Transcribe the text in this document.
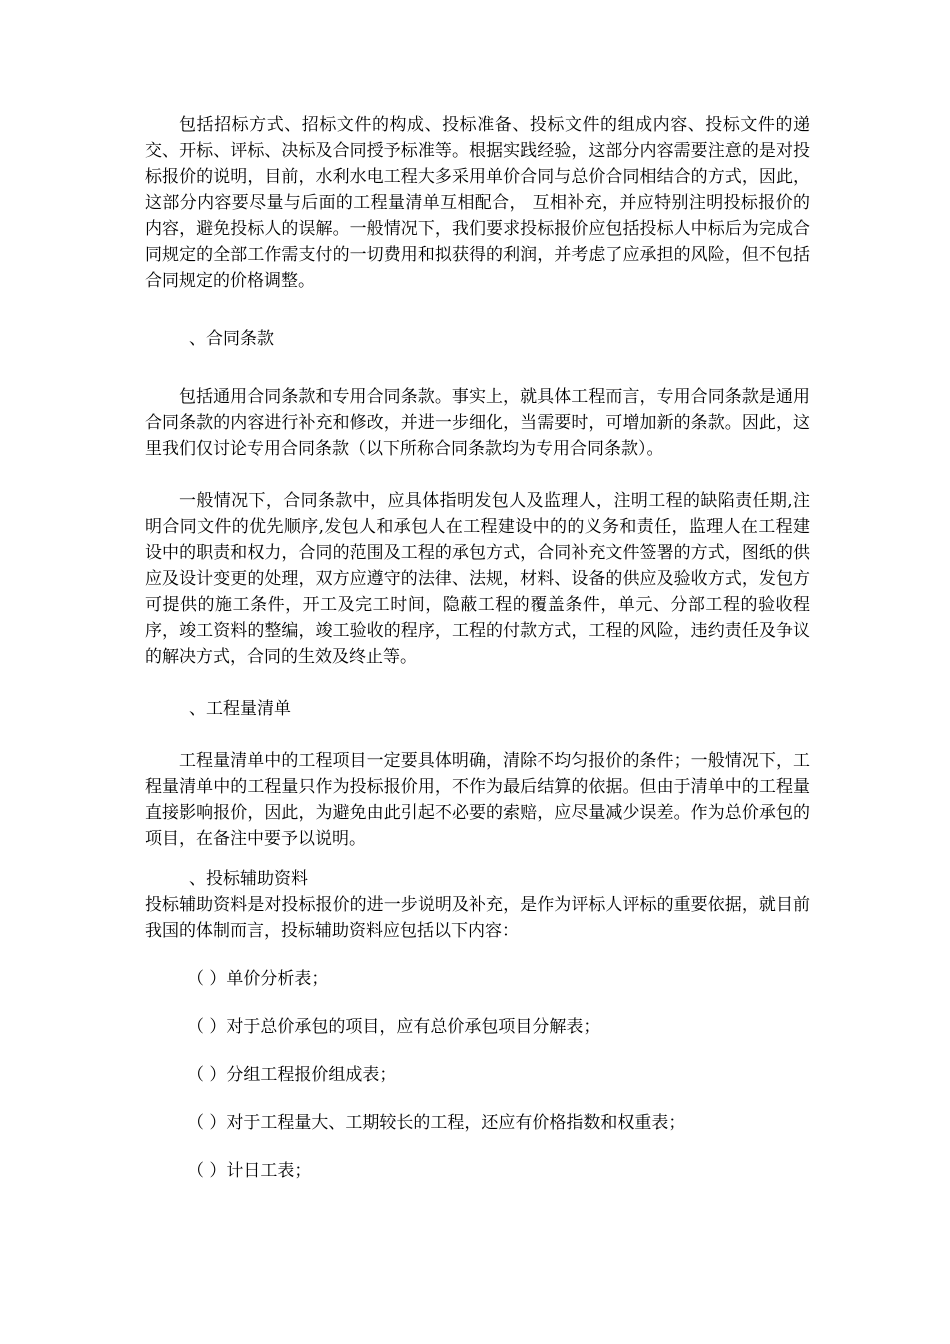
包括招标方式、招标文件的构成、投标准备、投标文件的组成内容、投标文件的递交、开标、评标、决标及合同授予标准等。根据实践经验，这部分内容需要注意的是对投标报价的说明，目前，水利水电工程大多采用单价合同与总价合同相结合的方式，因此，这部分内容要尽量与后面的工程量清单互相配合， 互相补充，并应特别注明投标报价的内容，避免投标人的误解。一般情况下，我们要求投标报价应包括投标人中标后为完成合同规定的全部工作需支付的一切费用和拟获得的利润，并考虑了应承担的风险，但不包括合同规定的价格调整。

、合同条款

包括通用合同条款和专用合同条款。事实上，就具体工程而言，专用合同条款是通用合同条款的内容进行补充和修改，并进一步细化，当需要时，可增加新的条款。因此，这里我们仅讨论专用合同条款（以下所称合同条款均为专用合同条款）。

一般情况下，合同条款中，应具体指明发包人及监理人，注明工程的缺陷责任期,注明合同文件的优先顺序,发包人和承包人在工程建设中的的义务和责任，监理人在工程建设中的职责和权力，合同的范围及工程的承包方式，合同补充文件签署的方式，图纸的供应及设计变更的处理，双方应遵守的法律、法规，材料、设备的供应及验收方式，发包方可提供的施工条件，开工及完工时间，隐蔽工程的覆盖条件，单元、分部工程的验收程序，竣工资料的整编，竣工验收的程序，工程的付款方式，工程的风险，违约责任及争议的解决方式，合同的生效及终止等。

、工程量清单

工程量清单中的工程项目一定要具体明确，清除不均匀报价的条件；一般情况下，工程量清单中的工程量只作为投标报价用，不作为最后结算的依据。但由于清单中的工程量直接影响报价，因此，为避免由此引起不必要的索赔，应尽量减少误差。作为总价承包的项目，在备注中要予以说明。

、投标辅助资料

投标辅助资料是对投标报价的进一步说明及补充，是作为评标人评标的重要依据，就目前我国的体制而言，投标辅助资料应包括以下内容：

（ ）单价分析表；

（ ）对于总价承包的项目，应有总价承包项目分解表；

（ ）分组工程报价组成表；

（ ）对于工程量大、工期较长的工程，还应有价格指数和权重表；

（ ）计日工表；
